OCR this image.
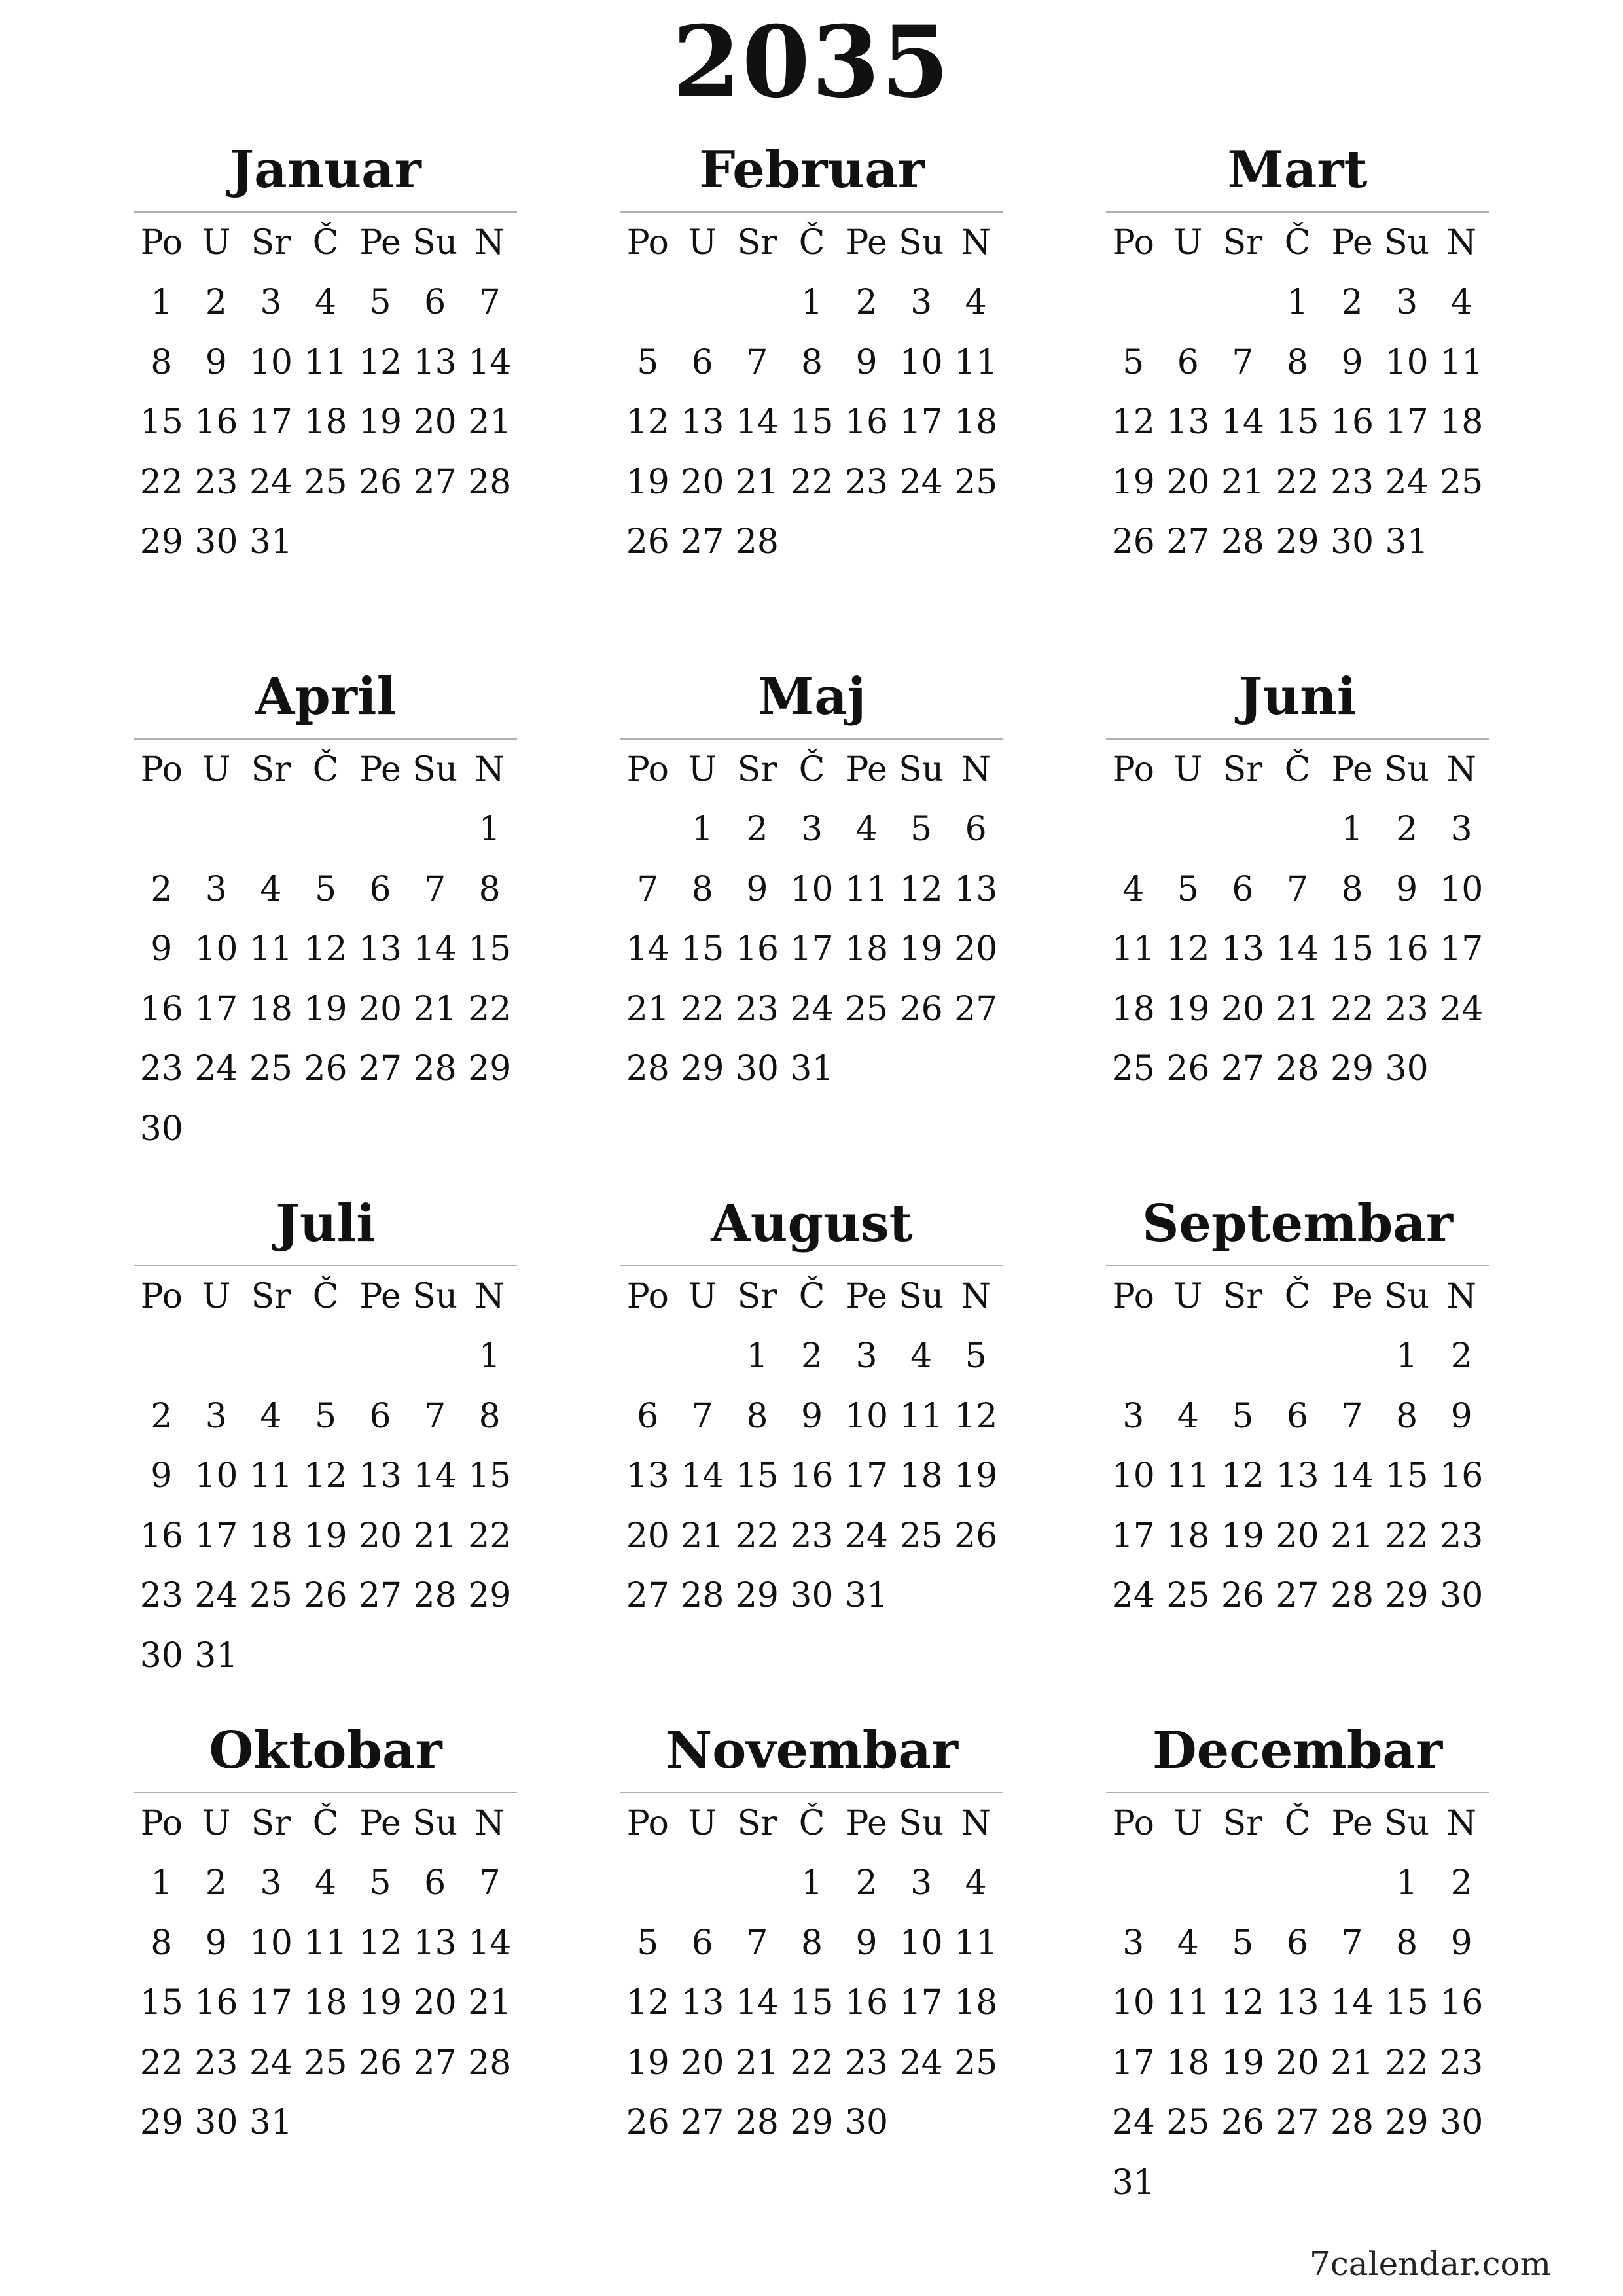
2035
Januar
Po U Sr Č Pe Su N
1 2 3 4 5 6 7
8 9 10 11 12 13 14
15 16 17 18 19 20 21
22 23 24 25 26 27 28
29 30 31
Februar
Po U Sr Č Pe Su N
1 2 3 4
5 6 7 8 9 10 11
12 13 14 15 16 17 18
19 20 21 22 23 24 25
26 27 28
Mart
Po U Sr Č Pe Su N
1 2 3 4
5 6 7 8 9 10 11
12 13 14 15 16 17 18
19 20 21 22 23 24 25
26 27 28 29 30 31
April
Po U Sr Č Pe Su N
1
2 3 4 5 6 7 8
9 10 11 12 13 14 15
16 17 18 19 20 21 22
23 24 25 26 27 28 29
30
Maj
Po U Sr Č Pe Su N
1 2 3 4 5 6
7 8 9 10 11 12 13
14 15 16 17 18 19 20
21 22 23 24 25 26 27
28 29 30 31
Juni
Po U Sr Č Pe Su N
1 2 3
4 5 6 7 8 9 10
11 12 13 14 15 16 17
18 19 20 21 22 23 24
25 26 27 28 29 30
Juli
Po U Sr Č Pe Su N
1
2 3 4 5 6 7 8
9 10 11 12 13 14 15
16 17 18 19 20 21 22
23 24 25 26 27 28 29
30 31
August
Po U Sr Č Pe Su N
1 2 3 4 5
6 7 8 9 10 11 12
13 14 15 16 17 18 19
20 21 22 23 24 25 26
27 28 29 30 31
Septembar
Po U Sr Č Pe Su N
1 2
3 4 5 6 7 8 9
10 11 12 13 14 15 16
17 18 19 20 21 22 23
24 25 26 27 28 29 30
Oktobar
Po U Sr Č Pe Su N
1 2 3 4 5 6 7
8 9 10 11 12 13 14
15 16 17 18 19 20 21
22 23 24 25 26 27 28
29 30 31
Novembar
Po U Sr Č Pe Su N
1 2 3 4
5 6 7 8 9 10 11
12 13 14 15 16 17 18
19 20 21 22 23 24 25
26 27 28 29 30
Decembar
Po U Sr Č Pe Su N
1 2
3 4 5 6 7 8 9
10 11 12 13 14 15 16
17 18 19 20 21 22 23
24 25 26 27 28 29 30
31
7calendar.com
